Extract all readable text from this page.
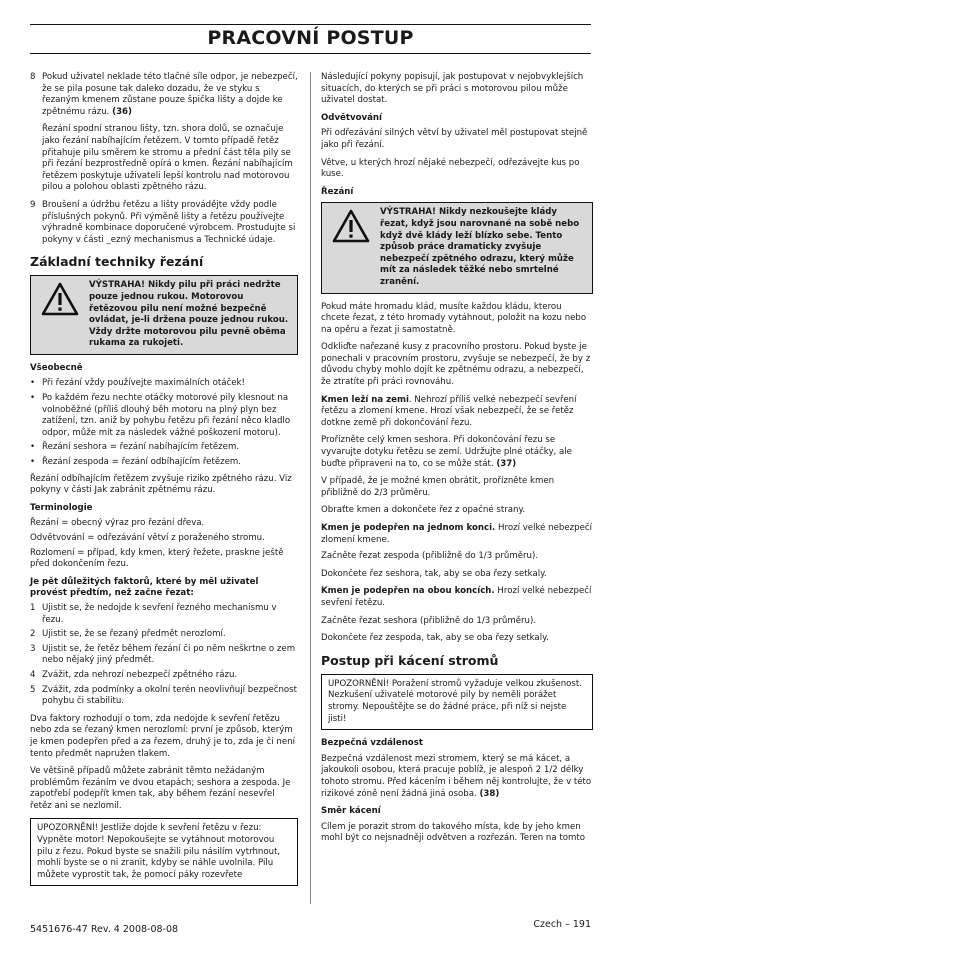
PRACOVNÍ POSTUP
8 Pokud uživatel neklade této tlačné síle odpor, je nebezpečí, že se pila posune tak daleko dozadu, že ve styku s řezaným kmenem zůstane pouze špička lišty a dojde ke zpětnému rázu. (36)

Řezání spodní stranou lišty, tzn. shora dolů, se označuje jako řezání nabíhajícím řetězem. V tomto případě řetěz přitahuje pilu směrem ke stromu a přední část těla pily se při řezání bezprostředně opírá o kmen. Řezání nabíhajícím řetězem poskytuje uživateli lepší kontrolu nad motorovou pilou a polohou oblasti zpětného rázu.

9 Broušení a údržbu řetězu a lišty provádějte vždy podle příslušných pokynů. Při výměně lišty a řetězu používejte výhradně kombinace doporučené výrobcem. Prostudujte si pokyny v části _ezný mechanismus a Technické údaje.
Základní techniky řezání
VÝSTRAHA! Nikdy pilu při práci nedržte pouze jednou rukou. Motorovou řetězovou pilu není možné bezpečně ovládat, je-li držena pouze jednou rukou. Vždy držte motorovou pilu pevně oběma rukama za rukojeti.
Všeobecně
• Při řezání vždy používejte maximálních otáček!
• Po každém řezu nechte otáčky motorové pily klesnout na volnoběžné (příliš dlouhý běh motoru na plný plyn bez zatížení, tzn. aniž by pohybu řetězu při řezání něco kladlo odpor, může mít za následek vážné poškození motoru).
• Řezání seshora = řezání nabíhajícím řetězem.
• Řezání zespoda = řezání odbíhajícím řetězem.

Řezání odbíhajícím řetězem zvyšuje riziko zpětného rázu. Viz pokyny v části Jak zabránit zpětnému rázu.

Terminologie

Řezání = obecný výraz pro řezání dřeva.

Odvětvování = odřezávání větví z poraženého stromu.

Rozlomení = případ, kdy kmen, který řežete, praskne ještě před dokončením řezu.

Je pět důležitých faktorů, které by měl uživatel provést předtím, než začne řezat:

1 Ujistit se, že nedojde k sevření řezného mechanismu v řezu.
2 Ujistit se, že se řezaný předmět nerozlomí.
3 Ujistit se, že řetěz během řezání či po něm neškrtne o zem nebo nějaký jiný předmět.
4 Zvážit, zda nehrozí nebezpečí zpětného rázu.
5 Zvážit, zda podmínky a okolní terén neovlivňují bezpečnost pohybu či stabilitu.

Dva faktory rozhodují o tom, zda nedojde k sevření řetězu nebo zda se řezaný kmen nerozlomí: první je způsob, kterým je kmen podepřen před a za řezem, druhý je to, zda je či není tento předmět napružen tlakem.

Ve většině případů můžete zabránit těmto nežádaným problémům řezáním ve dvou etapách; seshora a zespoda. Je zapotřebí podepřít kmen tak, aby během řezání nesevřel řetěz ani se nezlomil.

UPOZORNĚNÍ! Jestliže dojde k sevření řetězu v řezu: Vypněte motor! Nepokoušejte se vytáhnout motorovou pilu z řezu. Pokud byste se snažili pilu násilím vytrhnout, mohli byste se o ni zranit, kdyby se náhle uvolnila. Pilu můžete vyprostit tak, že pomocí páky rozevřete

Následující pokyny popisují, jak postupovat v nejobvyklejších situacích, do kterých se při práci s motorovou pilou může uživatel dostat.

Odvětvování

Při odřezávání silných větví by uživatel měl postupovat stejně jako při řezání.

Větve, u kterých hrozí nějaké nebezpečí, odřezávejte kus po kuse.

Řezání
VÝSTRAHA! Nikdy nezkoušejte klády řezat, když jsou narovnané na sobě nebo když dvě klády leží blízko sebe. Tento způsob práce dramaticky zvyšuje nebezpečí zpětného odrazu, který může mít za následek těžké nebo smrtelné zranění.

Pokud máte hromadu klád, musíte každou kládu, kterou chcete řezat, z této hromady vytáhnout, položit na kozu nebo na opěru a řezat ji samostatně.

Odkliďte nařezané kusy z pracovního prostoru. Pokud byste je ponechali v pracovním prostoru, zvyšuje se nebezpečí, že by z důvodu chyby mohlo dojít ke zpětnému odrazu, a nebezpečí, že ztratíte při práci rovnováhu.

Kmen leží na zemi. Nehrozí příliš velké nebezpečí sevření řetězu a zlomení kmene. Hrozí však nebezpečí, že se řetěz dotkne země při dokončování řezu.

Prořízněte celý kmen seshora. Při dokončování řezu se vyvarujte dotyku řetězu se zemí. Udržujte plné otáčky, ale buďte připraveni na to, co se může stát. (37)

V případě, že je možné kmen obrátit, prořízněte kmen přibližně do 2/3 průměru.

Obraťte kmen a dokončete řez z opačné strany.

Kmen je podepřen na jednom konci. Hrozí velké nebezpečí zlomení kmene.

Začněte řezat zespoda (přibližně do 1/3 průměru).

Dokončete řez seshora, tak, aby se oba řezy setkaly.

Kmen je podepřen na obou koncích. Hrozí velké nebezpečí sevření řetězu.

Začněte řezat seshora (přibližně do 1/3 průměru).

Dokončete řez zespoda, tak, aby se oba řezy setkaly.

Postup při kácení stromů
UPOZORNĚNÍ! Poražení stromů vyžaduje velkou zkušenost. Nezkušení uživatelé motorové pily by neměli porážet stromy. Nepouštějte se do žádné práce, při níž si nejste jisti!
Bezpečná vzdálenost

Bezpečná vzdálenost mezi stromem, který se má kácet, a jakoukoli osobou, která pracuje poblíž, je alespoň 2 1/2 délky tohoto stromu. Před kácením i během něj kontrolujte, že v této rizikové zóně není žádná jiná osoba. (38)

Směr kácení

Cílem je porazit strom do takového místa, kde by jeho kmen mohl být co nejsnadněji odvětven a rozřezán. Teren na tomto

5451676-47 Rev. 4 2008-08-08	Czech – 191
